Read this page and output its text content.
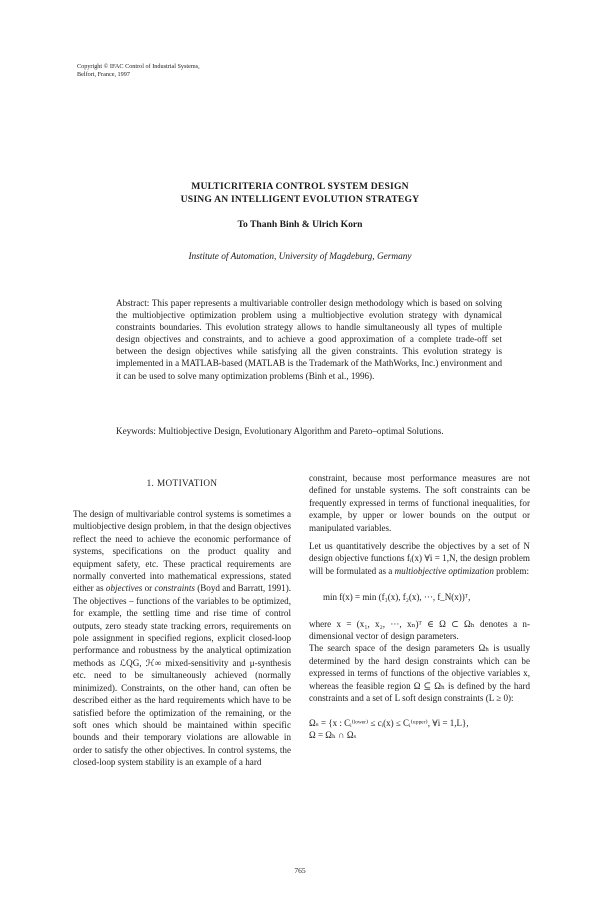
Copyright © IFAC Control of Industrial Systems,
Belfort, France, 1997
MULTICRITERIA CONTROL SYSTEM DESIGN
USING AN INTELLIGENT EVOLUTION STRATEGY
To Thanh Binh & Ulrich Korn
Institute of Automation, University of Magdeburg, Germany
Abstract: This paper represents a multivariable controller design methodology which is based on solving the multiobjective optimization problem using a multiobjective evolution strategy with dynamical constraints boundaries. This evolution strategy allows to handle simultaneously all types of multiple design objectives and constraints, and to achieve a good approximation of a complete trade-off set between the design objectives while satisfying all the given constraints. This evolution strategy is implemented in a MATLAB-based (MATLAB is the Trademark of the MathWorks, Inc.) environment and it can be used to solve many optimization problems (Binh et al., 1996).
Keywords: Multiobjective Design, Evolutionary Algorithm and Pareto–optimal Solutions.
1. MOTIVATION

The design of multivariable control systems is sometimes a multiobjective design problem, in that the design objectives reflect the need to achieve the economic performance of systems, specifications on the product quality and equipment safety, etc. These practical requirements are normally converted into mathematical expressions, stated either as objectives or constraints (Boyd and Barratt, 1991). The objectives – functions of the variables to be optimized, for example, the settling time and rise time of control outputs, zero steady state tracking errors, requirements on pole assignment in specified regions, explicit closed-loop performance and robustness by the analytical optimization methods as ℒQG, ℋ∞ mixed-sensitivity and μ-synthesis etc. need to be simultaneously achieved (normally minimized). Constraints, on the other hand, can often be described either as the hard requirements which have to be satisfied before the optimization of the remaining, or the soft ones which should be maintained within specific bounds and their temporary violations are allowable in order to satisfy the other objectives. In control systems, the closed-loop system stability is an example of a hard

constraint, because most performance measures are not defined for unstable systems. The soft constraints can be frequently expressed in terms of functional inequalities, for example, by upper or lower bounds on the output or manipulated variables.

Let us quantitatively describe the objectives by a set of N design objective functions fᵢ(x) ∀i = 1,N, the design problem will be formulated as a multiobjective optimization problem:

min f(x) = min (f₁(x), f₂(x), ···, f_N(x))ᵀ,

where x = (x₁, x₂, ···, xₙ)ᵀ ∈ Ω ⊂ Ωₕ denotes a n-dimensional vector of design parameters.

The search space of the design parameters Ωₕ is usually determined by the hard design constraints which can be expressed in terms of functions of the objective variables x, whereas the feasible region Ω ⊆ Ωₕ is defined by the hard constraints and a set of L soft design constraints (L ≥ 0):

Ωₛ = {x : Cᵢ⁽ˡᵒʷᵉʳ⁾ ≤ cᵢ(x) ≤ Cᵢ⁽ᵘᵖᵖᵉʳ⁾, ∀i = 1,L},

Ω = Ωₕ ∩ Ωₛ

765
